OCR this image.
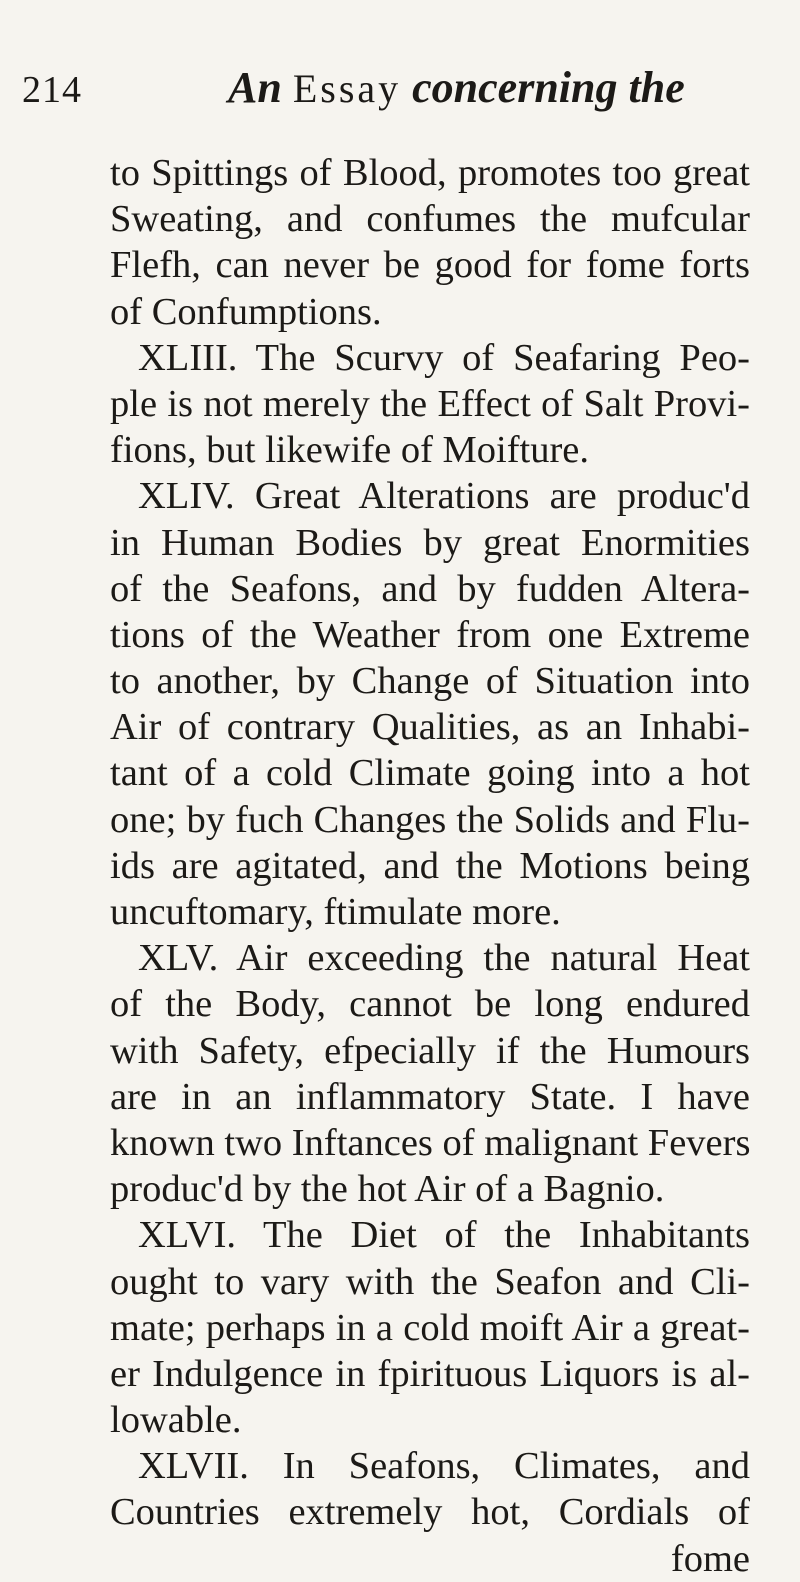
214	An Essay concerning the
to Spittings of Blood, promotes too great
Sweating, and confumes the mufcular
Flefh, can never be good for fome forts
of Confumptions.
XLIII. The Scurvy of Seafaring Peo-
ple is not merely the Effect of Salt Provi-
fions, but likewife of Moifture.
XLIV. Great Alterations are produc'd
in Human Bodies by great Enormities
of the Seafons, and by fudden Altera-
tions of the Weather from one Extreme
to another, by Change of Situation into
Air of contrary Qualities, as an Inhabi-
tant of a cold Climate going into a hot
one; by fuch Changes the Solids and Flu-
ids are agitated, and the Motions being
uncuftomary, ftimulate more.
XLV. Air exceeding the natural Heat
of the Body, cannot be long endured
with Safety, efpecially if the Humours
are in an inflammatory State. I have
known two Inftances of malignant Fevers
produc'd by the hot Air of a Bagnio.
XLVI. The Diet of the Inhabitants
ought to vary with the Seafon and Cli-
mate; perhaps in a cold moift Air a great-
er Indulgence in fpirituous Liquors is al-
lowable.
XLVII. In Seafons, Climates, and
Countries extremely hot, Cordials of
fome
